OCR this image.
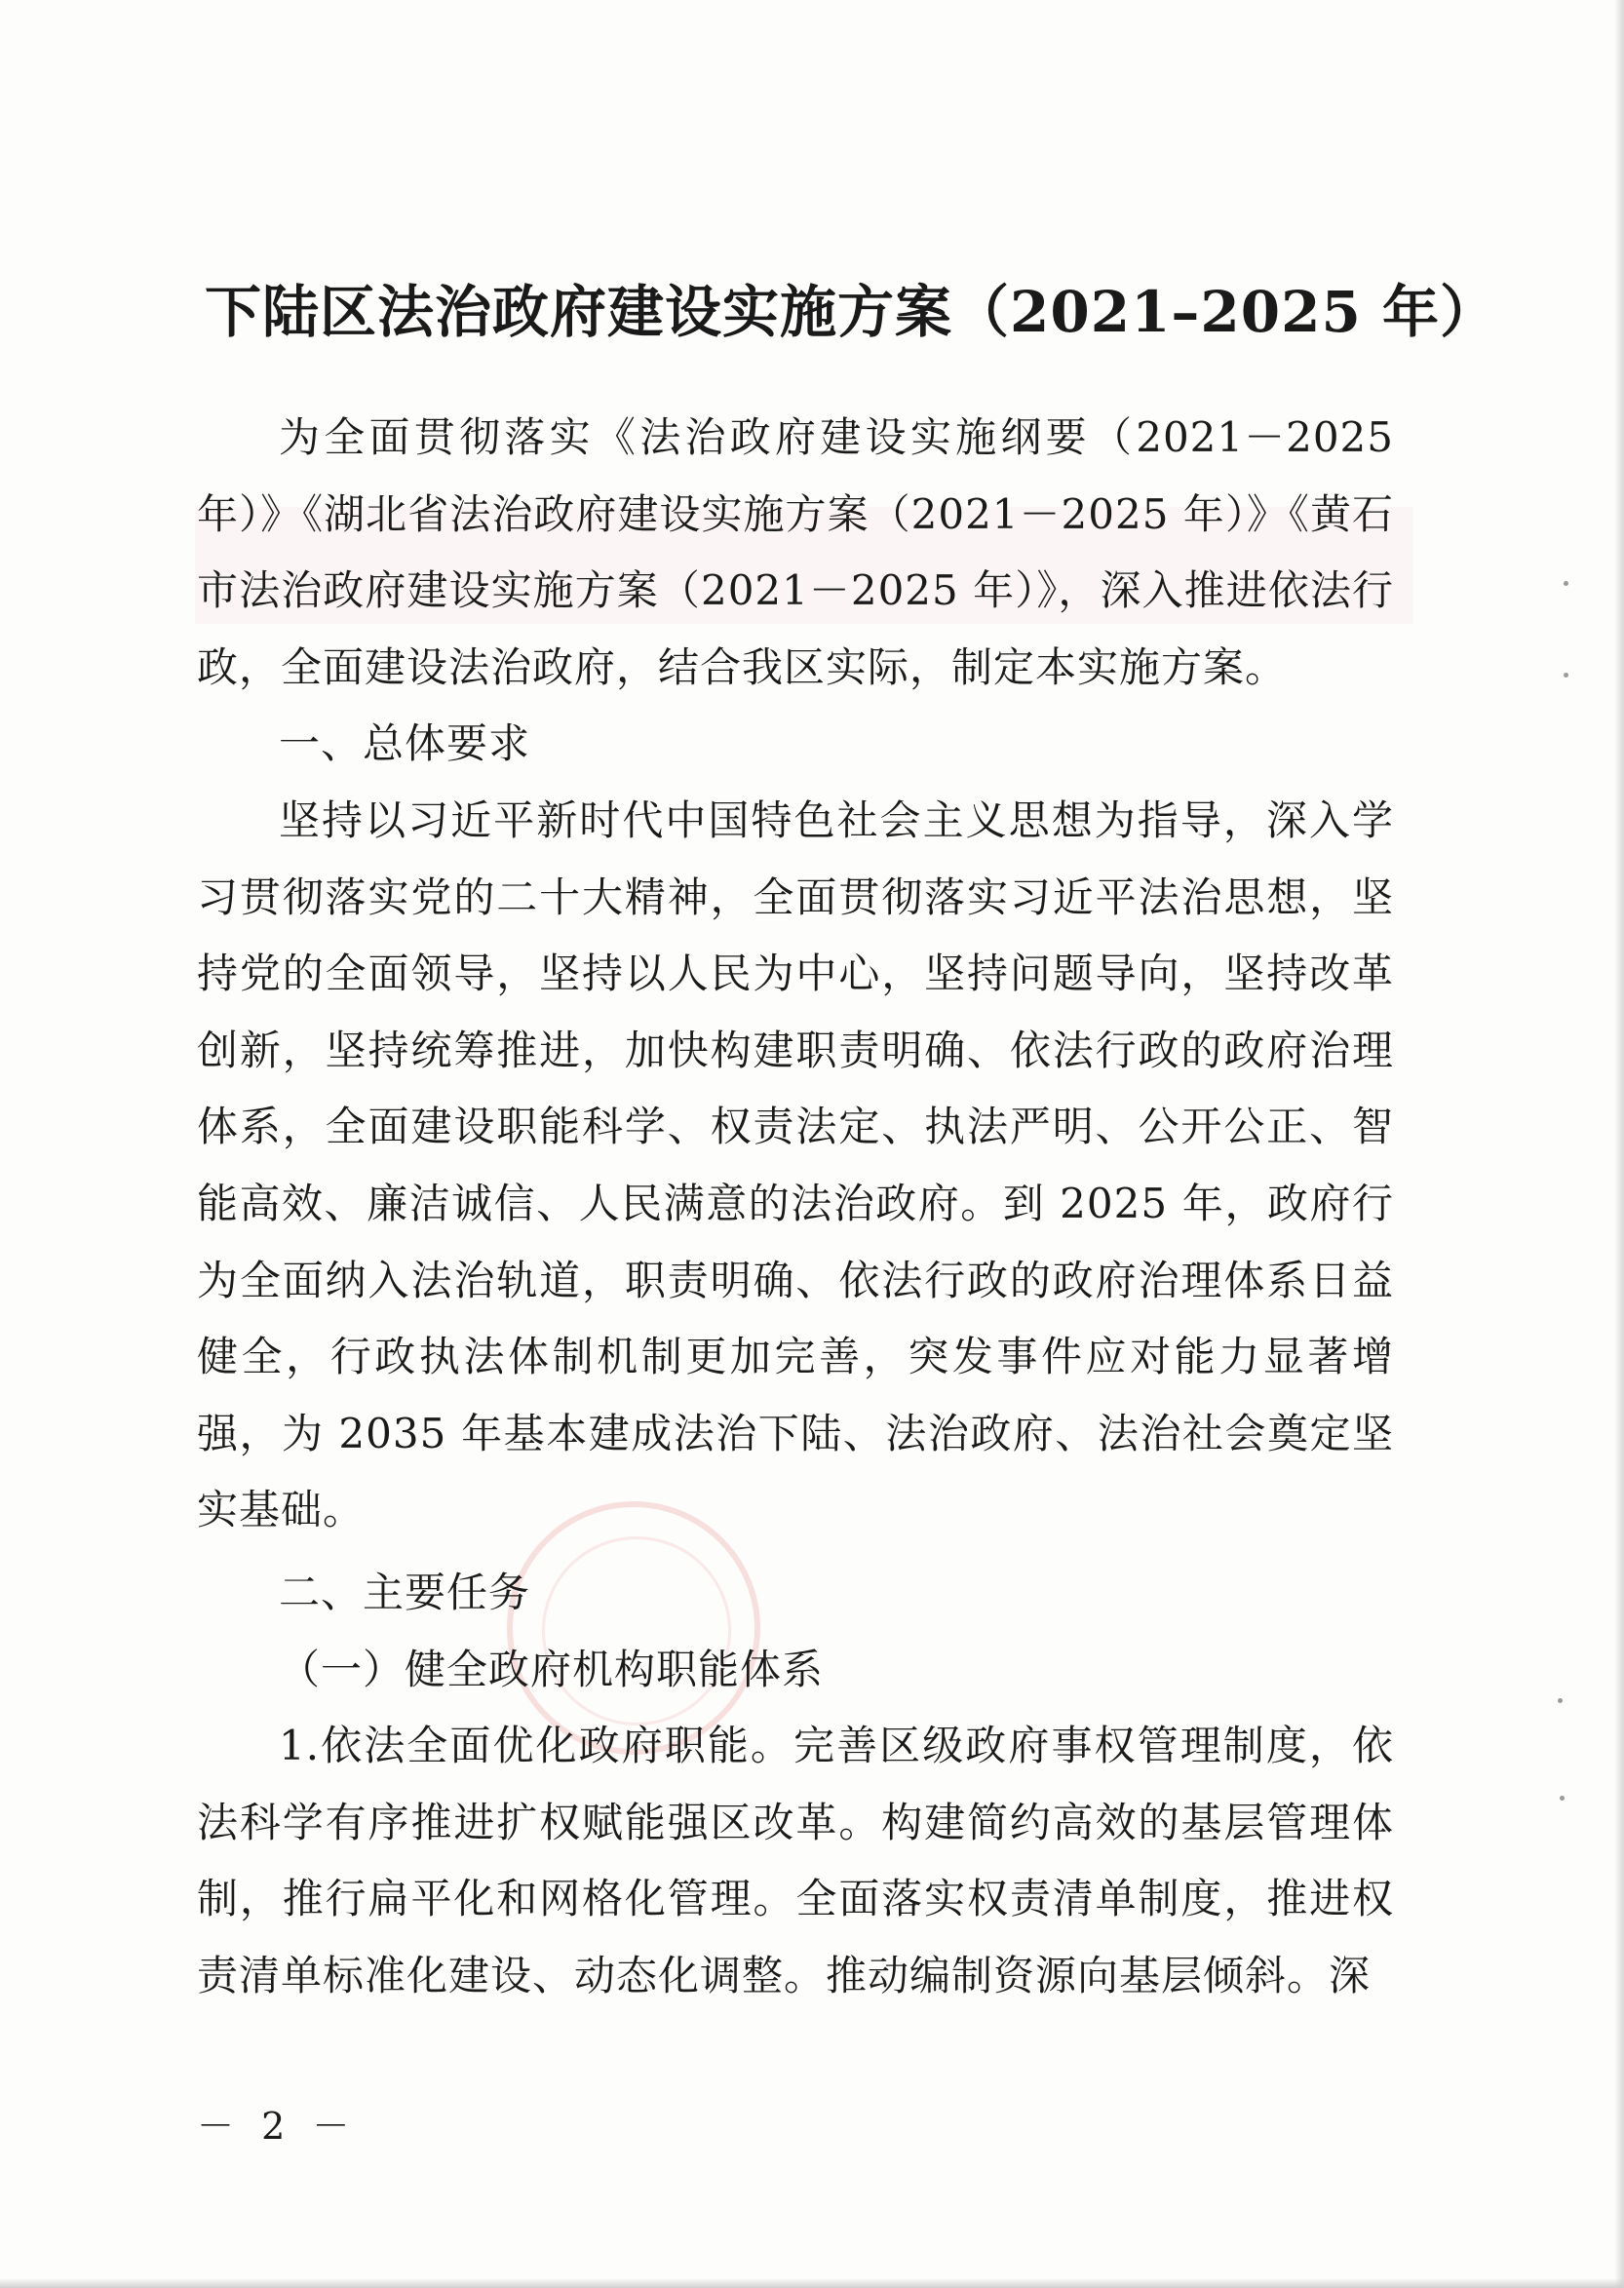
下陆区法治政府建设实施方案（2021–2025 年）

为全面贯彻落实《法治政府建设实施纲要（2021－2025 年）》《湖北省法治政府建设实施方案（2021－2025 年）》《黄石市法治政府建设实施方案（2021－2025 年）》，深入推进依法行政，全面建设法治政府，结合我区实际，制定本实施方案。

一、总体要求

坚持以习近平新时代中国特色社会主义思想为指导，深入学习贯彻落实党的二十大精神，全面贯彻落实习近平法治思想，坚持党的全面领导，坚持以人民为中心，坚持问题导向，坚持改革创新，坚持统筹推进，加快构建职责明确、依法行政的政府治理体系，全面建设职能科学、权责法定、执法严明、公开公正、智能高效、廉洁诚信、人民满意的法治政府。到 2025 年，政府行为全面纳入法治轨道，职责明确、依法行政的政府治理体系日益健全，行政执法体制机制更加完善，突发事件应对能力显著增强，为 2035 年基本建成法治下陆、法治政府、法治社会奠定坚实基础。

二、主要任务
（一）健全政府机构职能体系

1.依法全面优化政府职能。完善区级政府事权管理制度，依法科学有序推进扩权赋能强区改革。构建简约高效的基层管理体制，推行扁平化和网格化管理。全面落实权责清单制度，推进权责清单标准化建设、动态化调整。推动编制资源向基层倾斜。深

－ 2 －
